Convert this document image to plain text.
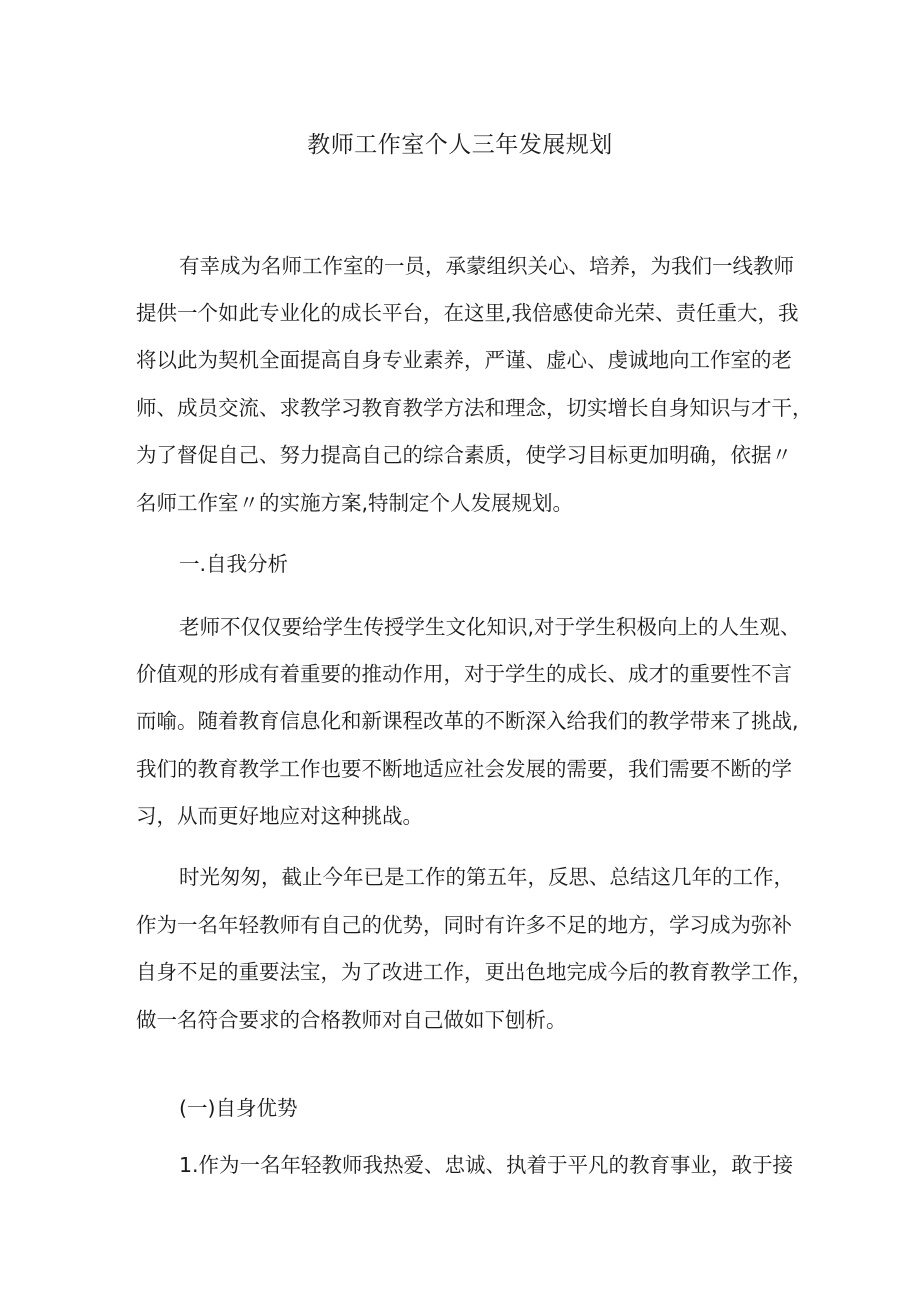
教师工作室个人三年发展规划

有幸成为名师工作室的一员，承蒙组织关心、培养，为我们一线教师

提供一个如此专业化的成长平台，在这里,我倍感使命光荣、责任重大，我

将以此为契机全面提高自身专业素养，严谨、虚心、虔诚地向工作室的老

师、成员交流、求教学习教育教学方法和理念，切实增长自身知识与才干，

为了督促自己、努力提高自己的综合素质，使学习目标更加明确，依据〃

名师工作室〃的实施方案,特制定个人发展规划。

一.自我分析

老师不仅仅要给学生传授学生文化知识,对于学生积极向上的人生观、

价值观的形成有着重要的推动作用，对于学生的成长、成才的重要性不言

而喻。随着教育信息化和新课程改革的不断深入给我们的教学带来了挑战,

我们的教育教学工作也要不断地适应社会发展的需要，我们需要不断的学

习，从而更好地应对这种挑战。

时光匆匆，截止今年已是工作的第五年，反思、总结这几年的工作，

作为一名年轻教师有自己的优势，同时有许多不足的地方，学习成为弥补

自身不足的重要法宝，为了改进工作，更出色地完成今后的教育教学工作，

做一名符合要求的合格教师对自己做如下刨析。

(一)自身优势

1.作为一名年轻教师我热爱、忠诚、执着于平凡的教育事业，敢于接
